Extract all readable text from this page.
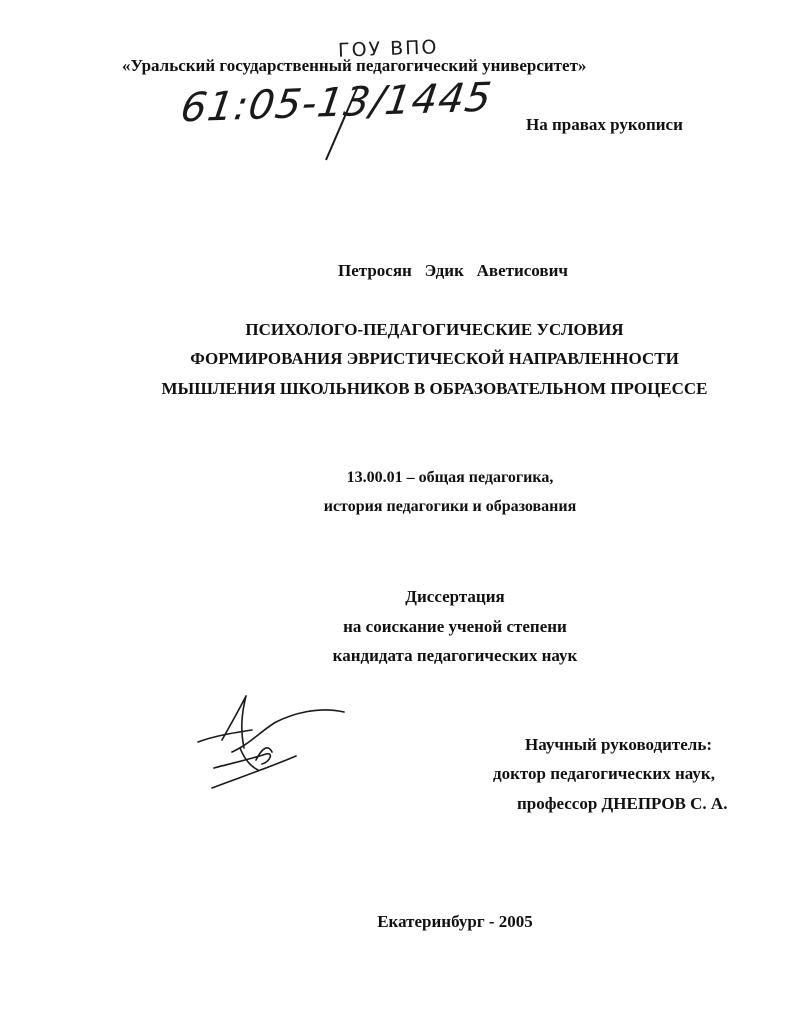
ГОУ ВПО
«Уральский государственный педагогический университет»
61:05-13/1445 На правах рукописи
Петросян   Эдик   Аветисович
ПСИХОЛОГО-ПЕДАГОГИЧЕСКИЕ УСЛОВИЯ
ФОРМИРОВАНИЯ ЭВРИСТИЧЕСКОЙ НАПРАВЛЕННОСТИ
МЫШЛЕНИЯ ШКОЛЬНИКОВ В ОБРАЗОВАТЕЛЬНОМ ПРОЦЕССЕ
13.00.01 – общая педагогика,
история педагогики и образования
Диссертация
на соискание ученой степени
кандидата педагогических наук
Научный руководитель:
доктор педагогических наук,
профессор ДНЕПРОВ С. А.
Екатеринбург - 2005
